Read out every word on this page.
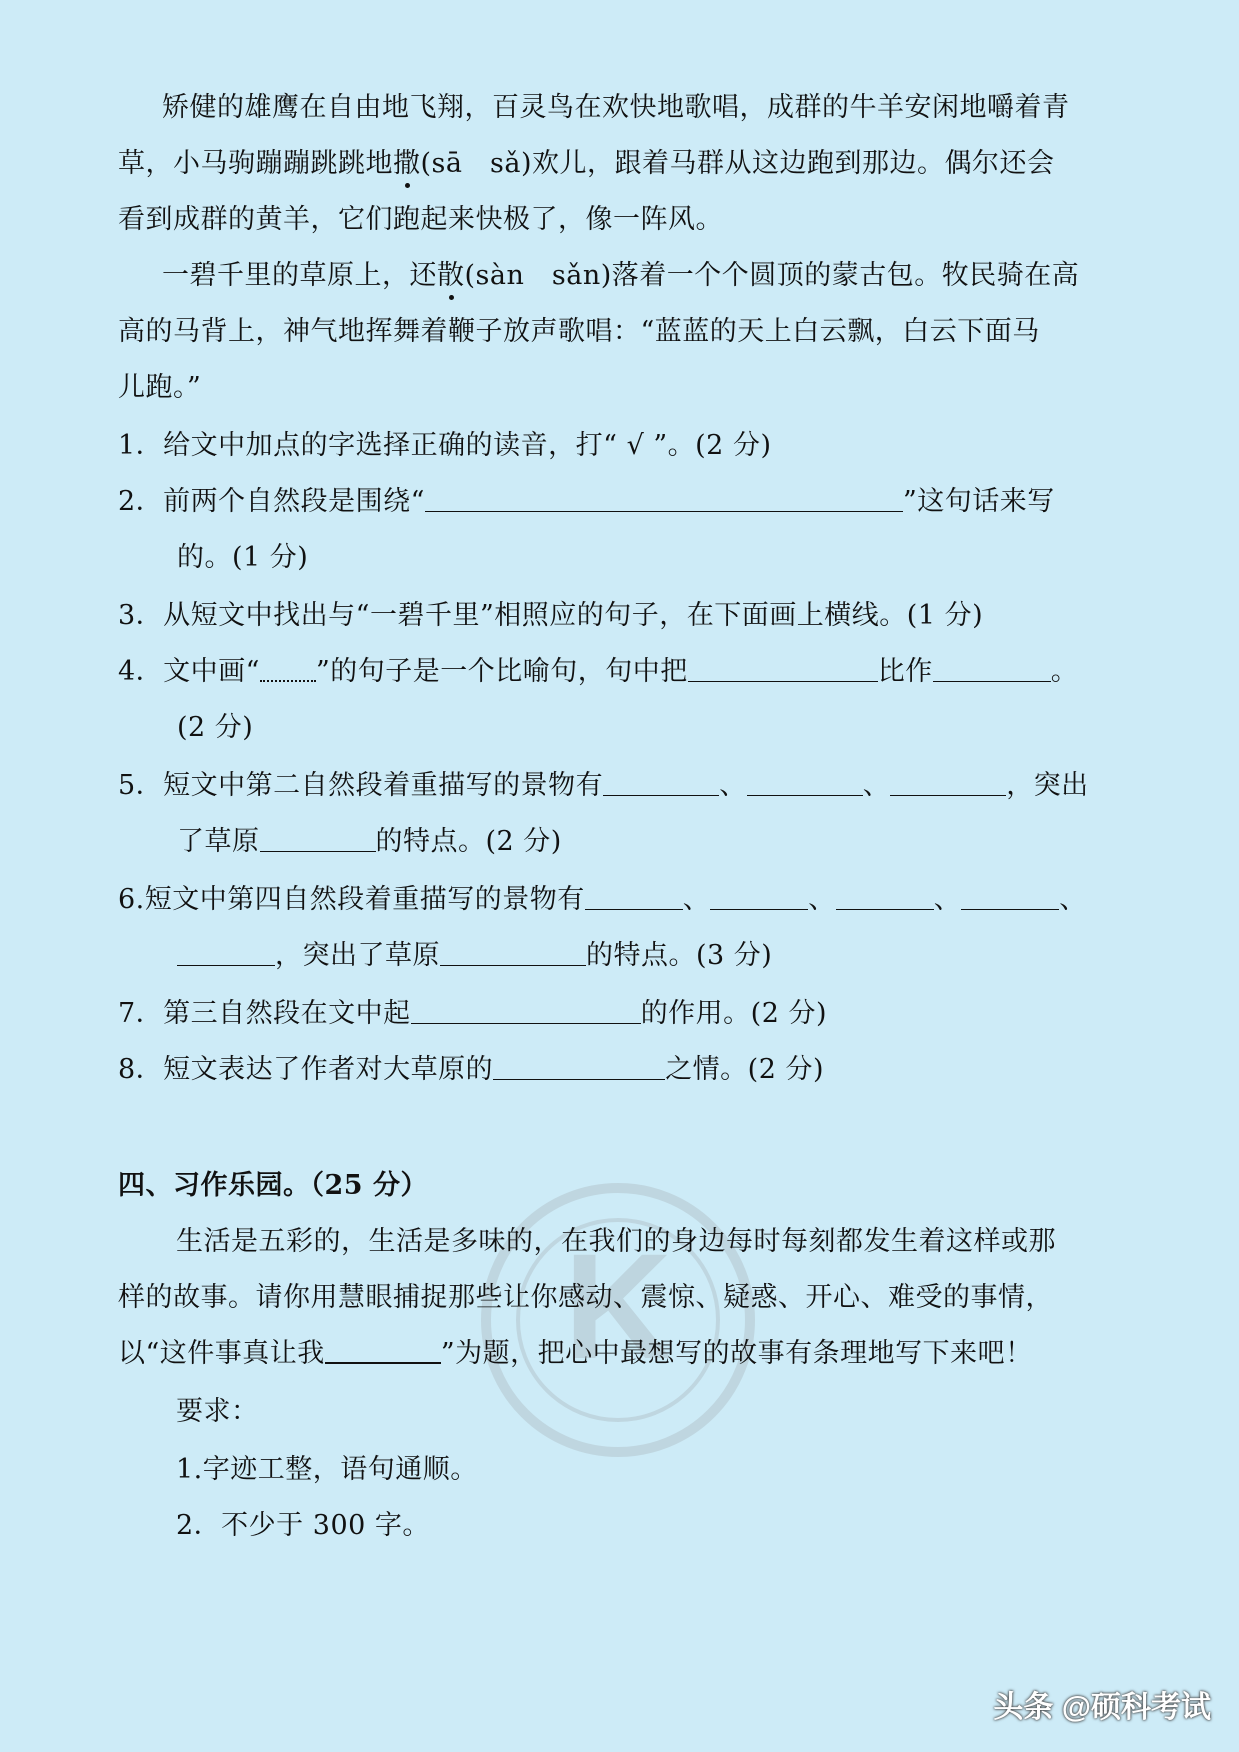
矫健的雄鹰在自由地飞翔，百灵鸟在欢快地歌唱，成群的牛羊安闲地嚼着青
草，小马驹蹦蹦跳跳地撒(sā　sǎ)欢儿，跟着马群从这边跑到那边。偶尔还会
看到成群的黄羊，它们跑起来快极了，像一阵风。
一碧千里的草原上，还散(sàn　sǎn)落着一个个圆顶的蒙古包。牧民骑在高
高的马背上，神气地挥舞着鞭子放声歌唱：“蓝蓝的天上白云飘，白云下面马
儿跑。”
1．给文中加点的字选择正确的读音，打“ √ ”。(2 分)
2．前两个自然段是围绕“	”这句话来写
的。(1 分)
3．从短文中找出与“一碧千里”相照应的句子，在下面画上横线。(1 分)
4．文中画“ ”的句子是一个比喻句，句中把	比作	。
(2 分)
5．短文中第二自然段着重描写的景物有	、	、	，突出
了草原	的特点。(2 分)
6.短文中第四自然段着重描写的景物有	、	、	、	、
，突出了草原	的特点。(3 分)
7．第三自然段在文中起	的作用。(2 分)
8．短文表达了作者对大草原的	之情。(2 分)
K
四、习作乐园。（25 分）
生活是五彩的，生活是多味的，在我们的身边每时每刻都发生着这样或那
样的故事。请你用慧眼捕捉那些让你感动、震惊、疑惑、开心、难受的事情，
以“这件事真让我	”为题，把心中最想写的故事有条理地写下来吧！
要求：
1.字迹工整，语句通顺。
2．不少于 300 字。
头条 @硕科考试
